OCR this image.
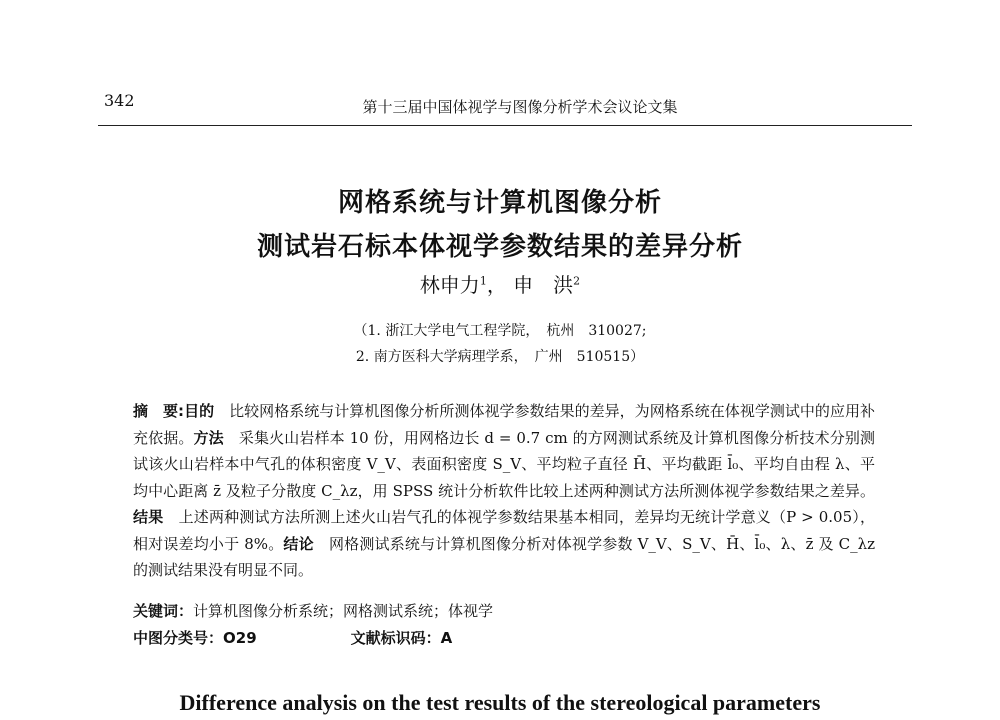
342	第十三届中国体视学与图像分析学术会议论文集
网格系统与计算机图像分析
测试岩石标本体视学参数结果的差异分析
林申力$^1$， 申　洪$^2$
（1. 浙江大学电气工程学院，　杭州　310027;
2. 南方医科大学病理学系，　广州　510515）
摘　要:目的　比较网格系统与计算机图像分析所测体视学参数结果的差异，为网格系统在体视学测试中的应用补充依据。方法　采集火山岩样本 10 份，用网格边长 d = 0.7 cm 的方网测试系统及计算机图像分析技术分别测试该火山岩样本中气孔的体积密度 V_V、表面积密度 S_V、平均粒子直径 H̄、平均截距 l̄₀、平均自由程 λ、平均中心距离 z̄ 及粒子分散度 C_λz，用 SPSS 统计分析软件比较上述两种测试方法所测体视学参数结果之差异。结果　上述两种测试方法所测上述火山岩气孔的体视学参数结果基本相同，差异均无统计学意义（P > 0.05），相对误差均小于 8%。结论　网格测试系统与计算机图像分析对体视学参数 V_V、S_V、H̄、l̄₀、λ、z̄ 及 C_λz 的测试结果没有明显不同。
关键词：计算机图像分析系统；网格测试系统；体视学
中图分类号：O29	文献标识码：A
Difference analysis on the test results of the stereological parameters
